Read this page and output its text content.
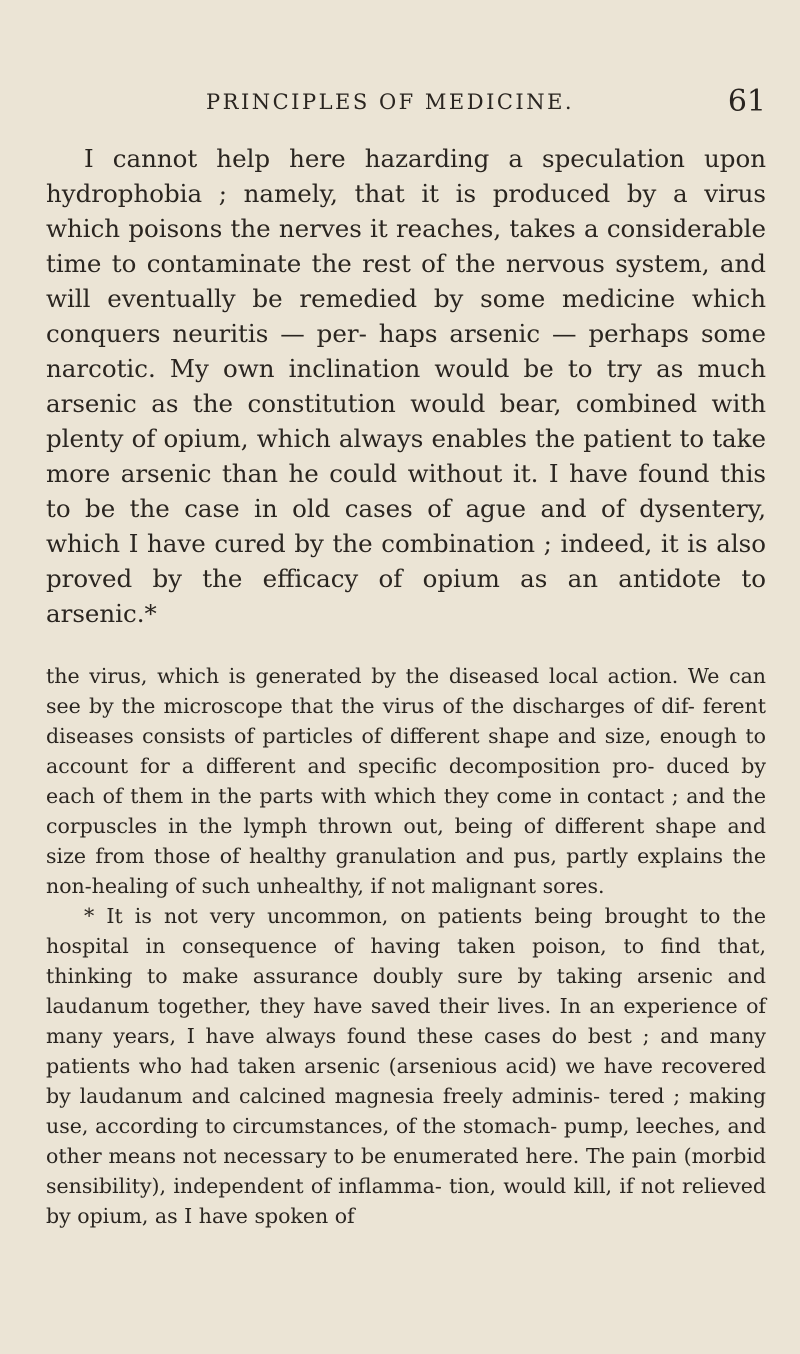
PRINCIPLES OF MEDICINE.	61

I cannot help here hazarding a speculation upon hydrophobia ; namely, that it is produced by a virus which poisons the nerves it reaches, takes a considerable time to contaminate the rest of the nervous system, and will eventually be remedied by some medicine which conquers neuritis — per- haps arsenic — perhaps some narcotic. My own inclination would be to try as much arsenic as the constitution would bear, combined with plenty of opium, which always enables the patient to take more arsenic than he could without it. I have found this to be the case in old cases of ague and of dysentery, which I have cured by the combination ; indeed, it is also proved by the efficacy of opium as an antidote to arsenic.*

the virus, which is generated by the diseased local action. We can see by the microscope that the virus of the discharges of dif- ferent diseases consists of particles of different shape and size, enough to account for a different and specific decomposition pro- duced by each of them in the parts with which they come in contact ; and the corpuscles in the lymph thrown out, being of different shape and size from those of healthy granulation and pus, partly explains the non-healing of such unhealthy, if not malignant sores.

* It is not very uncommon, on patients being brought to the hospital in consequence of having taken poison, to find that, thinking to make assurance doubly sure by taking arsenic and laudanum together, they have saved their lives. In an experience of many years, I have always found these cases do best ; and many patients who had taken arsenic (arsenious acid) we have recovered by laudanum and calcined magnesia freely adminis- tered ; making use, according to circumstances, of the stomach- pump, leeches, and other means not necessary to be enumerated here. The pain (morbid sensibility), independent of inflamma- tion, would kill, if not relieved by opium, as I have spoken of
